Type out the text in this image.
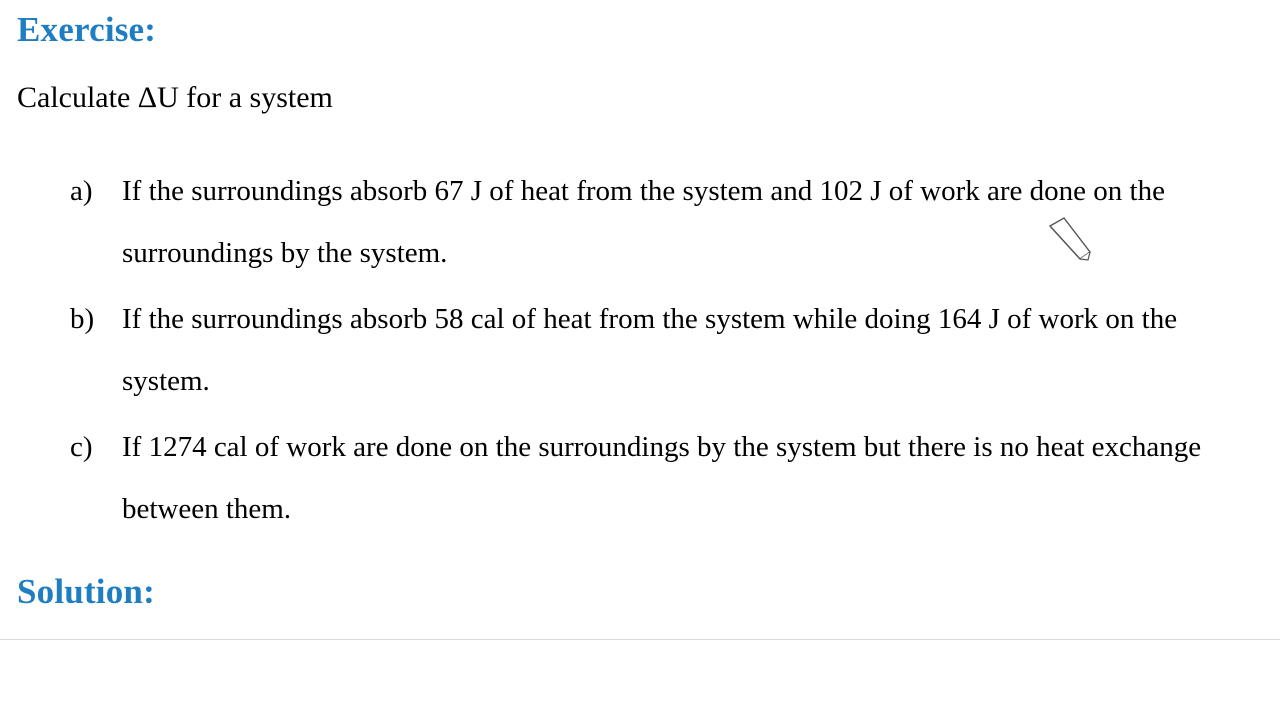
Exercise:
Calculate ΔU for a system
a)	If the surroundings absorb 67 J of heat from the system and 102 J of work are done on the surroundings by the system.
b) If the surroundings absorb 58 cal of heat from the system while doing 164 J of work on the system.
c)	If 1274 cal of work are done on the surroundings by the system but there is no heat exchange between them.
Solution:
